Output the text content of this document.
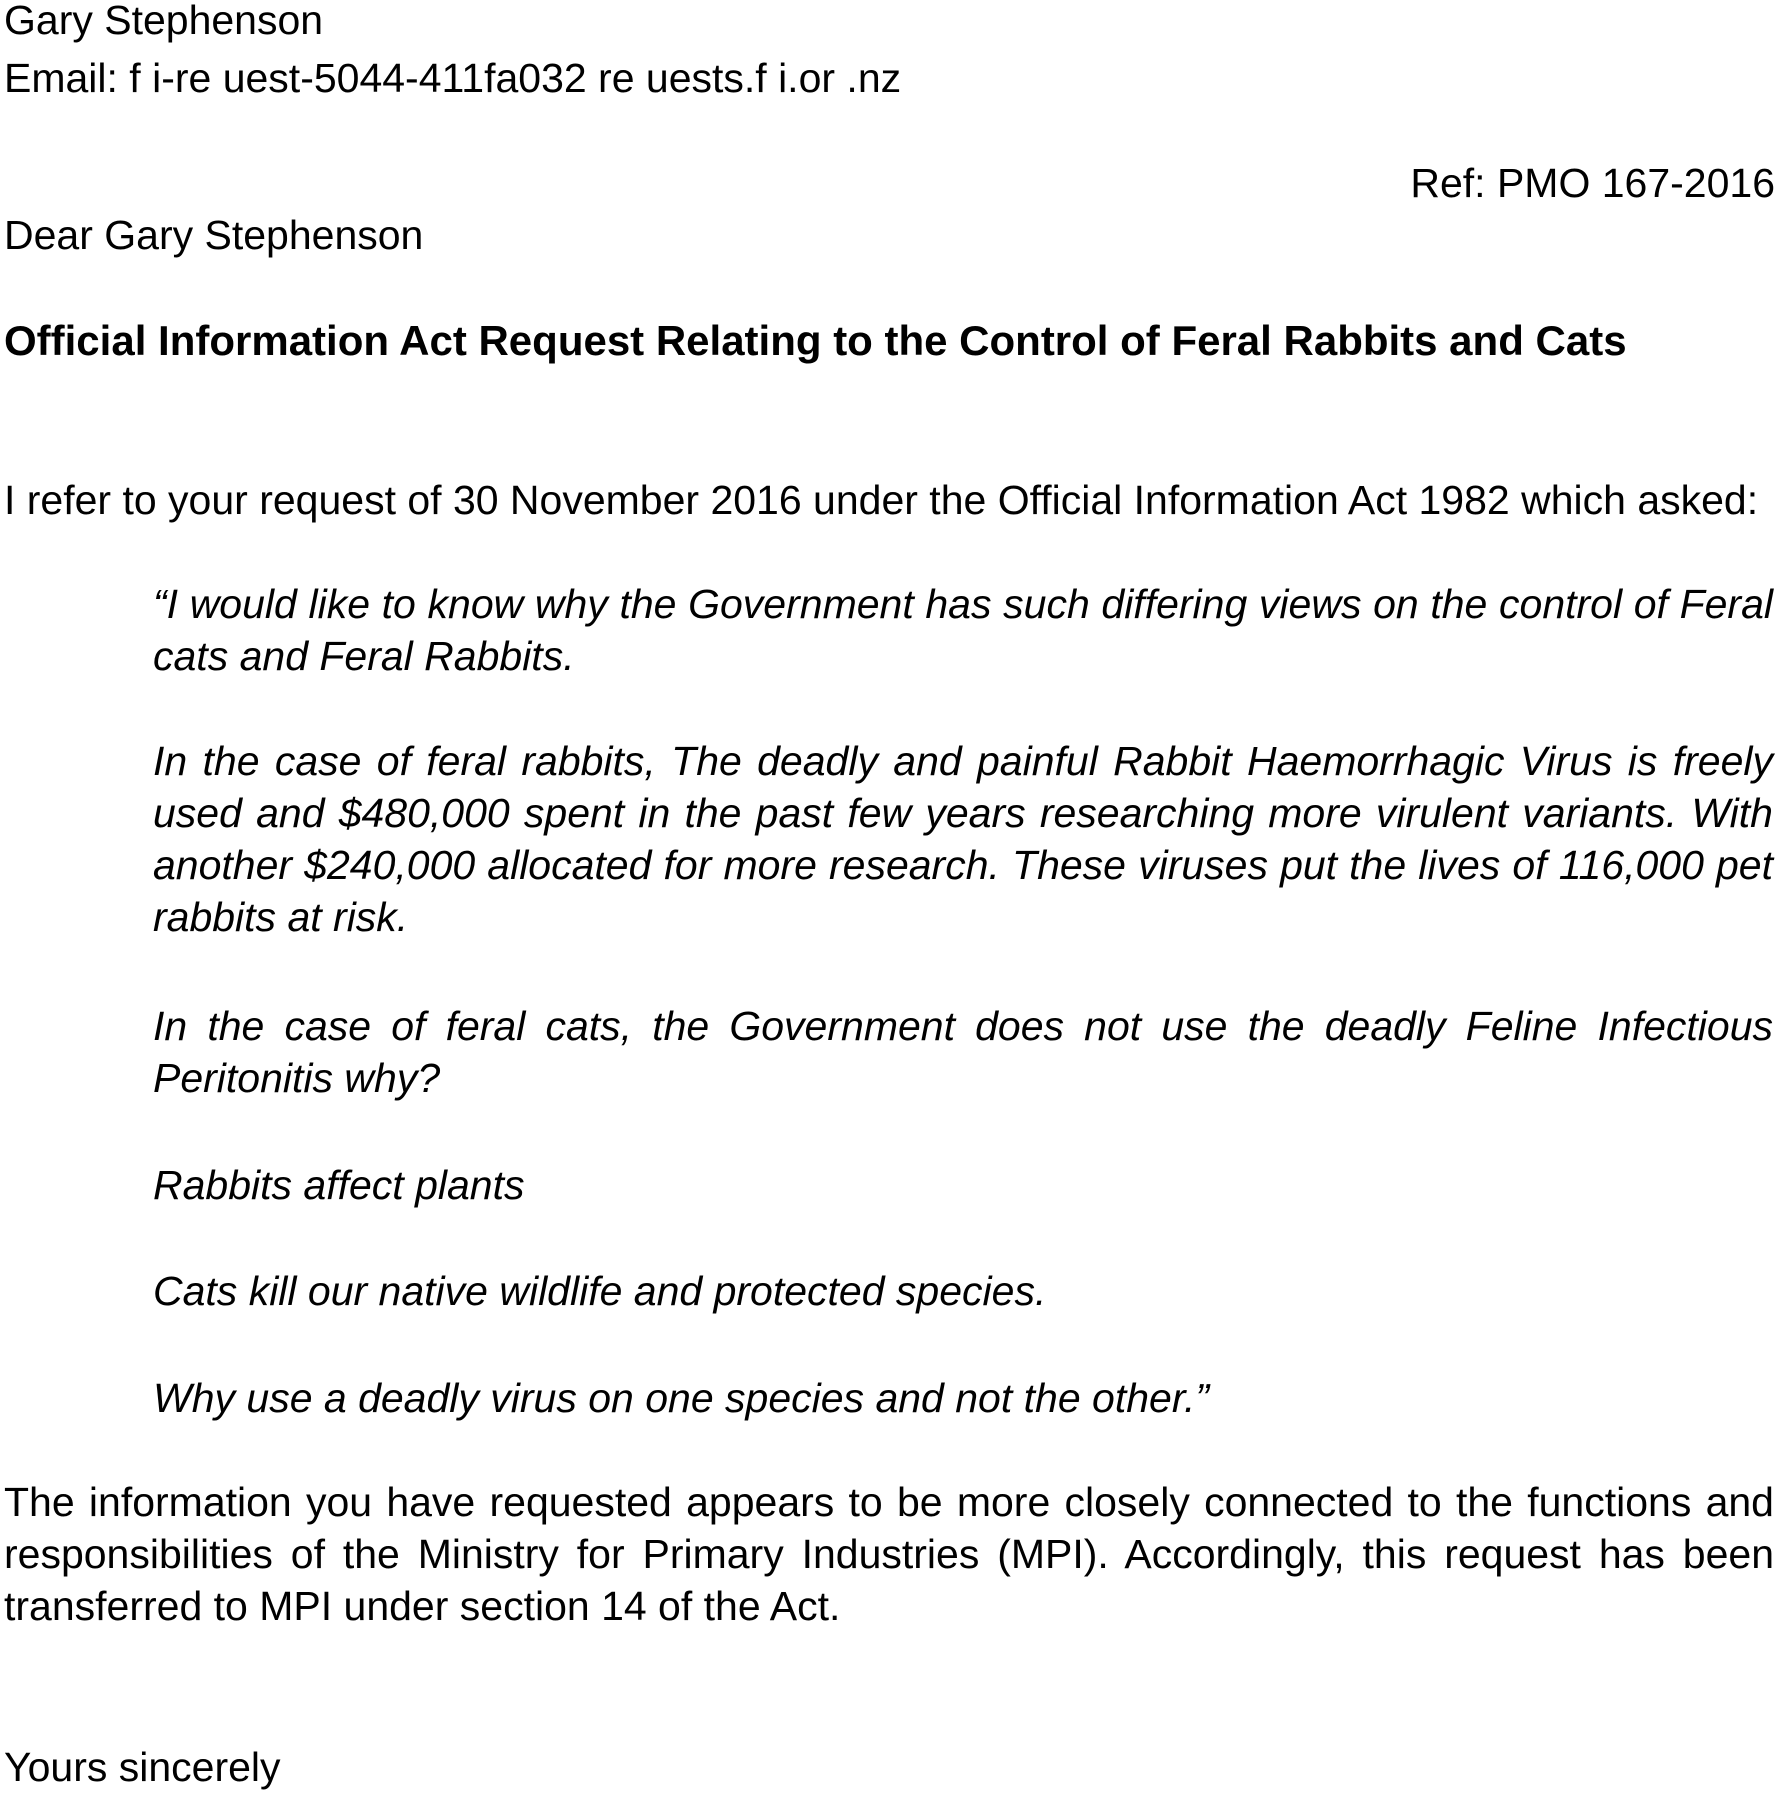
Gary Stephenson

Email: f i-re uest-5044-411fa032 re uests.f i.or .nz

Ref: PMO 167-2016

Dear Gary Stephenson

Official Information Act Request Relating to the Control of Feral Rabbits and Cats

I refer to your request of 30 November 2016 under the Official Information Act 1982 which asked:

“I would like to know why the Government has such differing views on the control of Feral cats and Feral Rabbits.

In the case of feral rabbits, The deadly and painful Rabbit Haemorrhagic Virus is freely used and $480,000 spent in the past few years researching more virulent variants. With another $240,000 allocated for more research. These viruses put the lives of 116,000 pet rabbits at risk.

In the case of feral cats, the Government does not use the deadly Feline Infectious Peritonitis why?

Rabbits affect plants

Cats kill our native wildlife and protected species.

Why use a deadly virus on one species and not the other.”

The information you have requested appears to be more closely connected to the functions and responsibilities of the Ministry for Primary Industries (MPI). Accordingly, this request has been transferred to MPI under section 14 of the Act.

Yours sincerely
